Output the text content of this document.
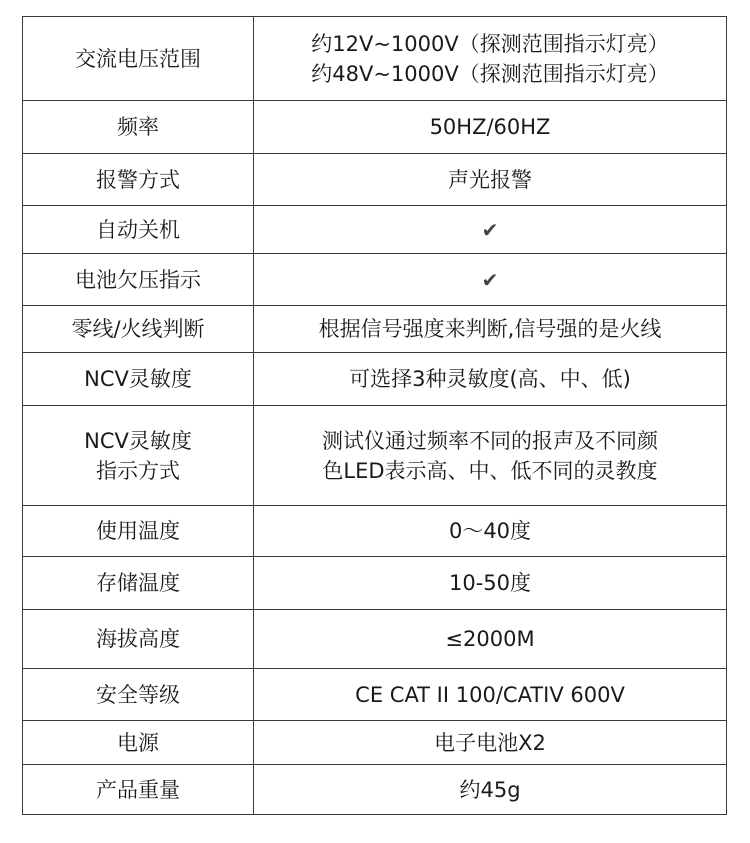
交流电压范围	约12V~1000V（探测范围指示灯亮）
约48V~1000V（探测范围指示灯亮）

频率	50HZ/60HZ
报警方式	声光报警
自动关机	✔
电池欠压指示	✔
零线/火线判断	根据信号强度来判断,信号强的是火线
NCV灵敏度	可选择3种灵敏度(高、中、低)

NCV灵敏度
指示方式	测试仪通过频率不同的报声及不同颜
色LED表示高、中、低不同的灵教度

使用温度	0～40度
存储温度	10-50度
海拔高度	≤2000M
安全等级	CE CAT II 100/CATIV 600V
电源	电子电池X2
产品重量	约45g
